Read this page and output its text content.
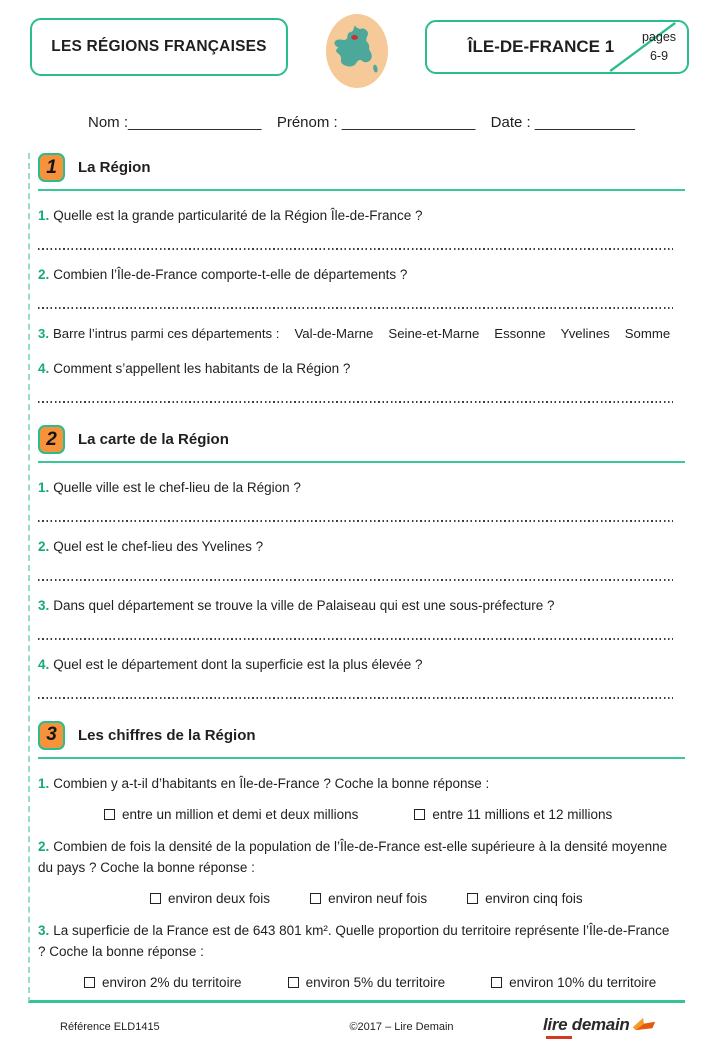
LES RÉGIONS FRANÇAISES	ÎLE-DE-FRANCE 1	pages
6-9
Nom :________________ Prénom : ________________ Date : ____________
1	La Région

1. Quelle est la grande particularité de la Région Île-de-France ?

2. Combien l’Île-de-France comporte-t-elle de départements ?

3. Barre l’intrus parmi ces départements : Val-de-Marne Seine-et-Marne Essonne Yvelines Somme

4. Comment s’appellent les habitants de la Région ?

2	La carte de la Région

1. Quelle ville est le chef-lieu de la Région ?

2. Quel est le chef-lieu des Yvelines ?

3. Dans quel département se trouve la ville de Palaiseau qui est une sous-préfecture ?

4. Quel est le département dont la superficie est la plus élevée ?

3	Les chiffres de la Région

1. Combien y a-t-il d’habitants en Île-de-France ? Coche la bonne réponse :

entre un million et demi et deux millions	entre 11 millions et 12 millions

2. Combien de fois la densité de la population de l’Île-de-France est-elle supérieure à la densité moyenne du pays ? Coche la bonne réponse :

environ deux fois	environ neuf fois	environ cinq fois

3. La superficie de la France est de 643 801 km². Quelle proportion du territoire représente l’Île-de-France ? Coche la bonne réponse :

environ 2% du territoire	environ 5% du territoire	environ 10% du territoire
Référence ELD1415	©2017 – Lire Demain	lire demain
